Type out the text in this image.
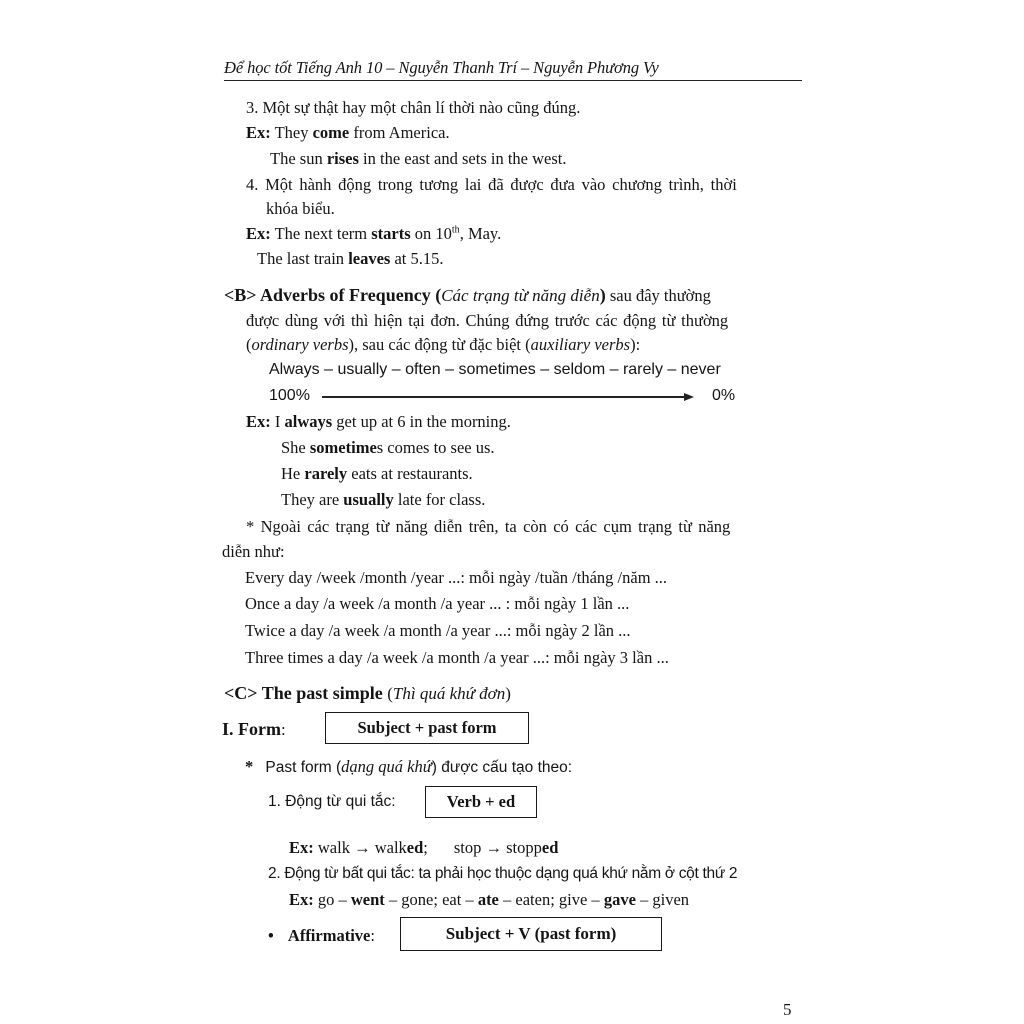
Để học tốt Tiếng Anh 10 – Nguyễn Thanh Trí – Nguyễn Phương Vy
3. Một sự thật hay một chân lí thời nào cũng đúng.
Ex: They come from America.
The sun rises in the east and sets in the west.
4. Một hành động trong tương lai đã được đưa vào chương trình, thời
khóa biểu.
Ex: The next term starts on 10th, May.
The last train leaves at 5.15.
<B> Adverbs of Frequency (Các trạng từ năng diễn) sau đây thường
được dùng với thì hiện tại đơn. Chúng đứng trước các động từ thường
(ordinary verbs), sau các động từ đặc biệt (auxiliary verbs):
Always – usually – often – sometimes – seldom – rarely – never
100%	0%
Ex: I always get up at 6 in the morning.
She sometimes comes to see us.
He rarely eats at restaurants.
They are usually late for class.
* Ngoài các trạng từ năng diễn trên, ta còn có các cụm trạng từ năng
diễn như:
Every day /week /month /year ...: mỗi ngày /tuần /tháng /năm ...
Once a day /a week /a month /a year ... : mỗi ngày 1 lần ...
Twice a day /a week /a month /a year ...: mỗi ngày 2 lần ...
Three times a day /a week /a month /a year ...: mỗi ngày 3 lần ...
<C> The past simple (Thì quá khứ đơn)
I. Form:	Subject + past form
* Past form (dạng quá khứ) được cấu tạo theo:
1. Động từ qui tắc:	Verb + ed
Ex: walk → walked; stop → stopped
2. Động từ bất qui tắc: ta phải học thuộc dạng quá khứ nằm ở cột thứ 2
Ex: go – went – gone; eat – ate – eaten; give – gave – given
• Affirmative:	Subject + V (past form)
5
